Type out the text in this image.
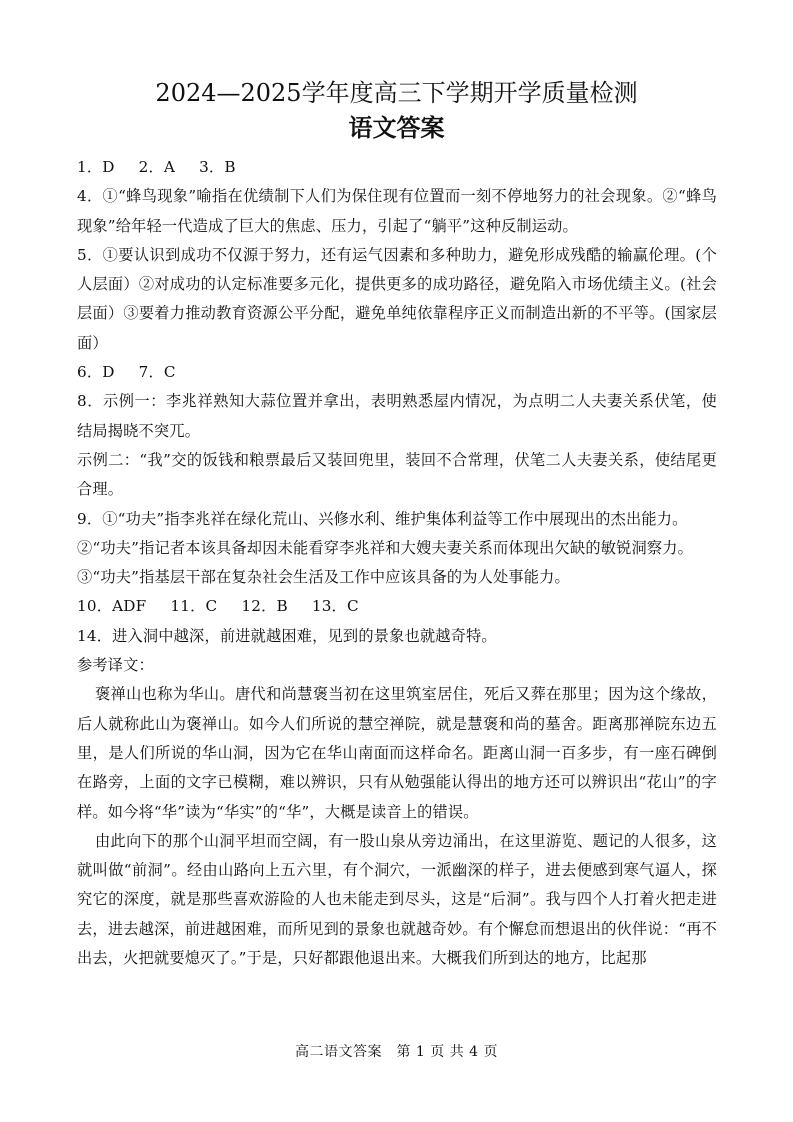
2024—2025学年度高三下学期开学质量检测
语文答案

1．D 2．A 3．B

4．①“蜂鸟现象”喻指在优绩制下人们为保住现有位置而一刻不停地努力的社会现象。②“蜂鸟现象”给年轻一代造成了巨大的焦虑、压力，引起了“躺平”这种反制运动。

5．①要认识到成功不仅源于努力，还有运气因素和多种助力，避免形成残酷的输赢伦理。(个人层面）②对成功的认定标准要多元化，提供更多的成功路径，避免陷入市场优绩主义。(社会层面）③要着力推动教育资源公平分配，避免单纯依靠程序正义而制造出新的不平等。(国家层面）

6．D 7．C

8．示例一：李兆祥熟知大蒜位置并拿出，表明熟悉屋内情况，为点明二人夫妻关系伏笔，使结局揭晓不突兀。

示例二：“我”交的饭钱和粮票最后又装回兜里，装回不合常理，伏笔二人夫妻关系，使结尾更合理。

9．①“功夫”指李兆祥在绿化荒山、兴修水利、维护集体利益等工作中展现出的杰出能力。

②“功夫”指记者本该具备却因未能看穿李兆祥和大嫂夫妻关系而体现出欠缺的敏锐洞察力。

③“功夫”指基层干部在复杂社会生活及工作中应该具备的为人处事能力。

10．ADF 11．C 12．B 13．C

14．进入洞中越深，前进就越困难，见到的景象也就越奇特。

参考译文：

褒禅山也称为华山。唐代和尚慧褒当初在这里筑室居住，死后又葬在那里；因为这个缘故，后人就称此山为褒禅山。如今人们所说的慧空禅院，就是慧褒和尚的墓舍。距离那禅院东边五里，是人们所说的华山洞，因为它在华山南面而这样命名。距离山洞一百多步，有一座石碑倒在路旁，上面的文字已模糊，难以辨识，只有从勉强能认得出的地方还可以辨识出“花山”的字样。如今将“华”读为“华实”的“华”，大概是读音上的错误。

由此向下的那个山洞平坦而空阔，有一股山泉从旁边涌出，在这里游览、题记的人很多，这就叫做“前洞”。经由山路向上五六里，有个洞穴，一派幽深的样子，进去便感到寒气逼人，探究它的深度，就是那些喜欢游险的人也未能走到尽头，这是“后洞”。我与四个人打着火把走进去，进去越深，前进越困难，而所见到的景象也就越奇妙。有个懈怠而想退出的伙伴说：“再不出去，火把就要熄灭了。”于是，只好都跟他退出来。大概我们所到达的地方，比起那

高二语文答案　第 1 页 共 4 页
